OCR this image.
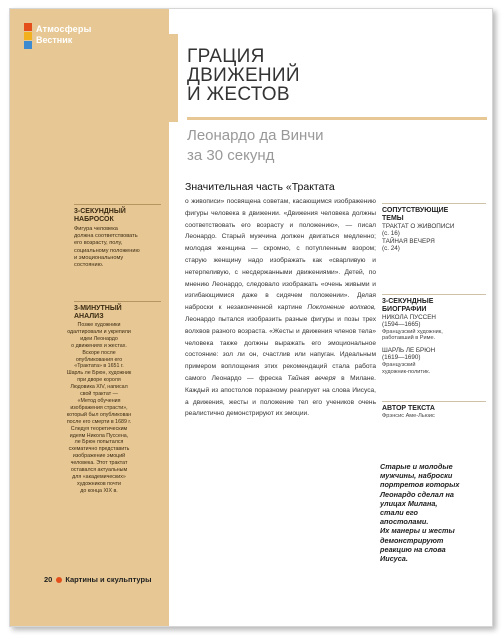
Атмосферы
Вестник
3-СЕКУНДНЫЙ
НАБРОСОК
Фигура человека
должна соответствовать
его возрасту, полу,
социальному положению
и эмоциональному
состоянию.
3-МИНУТНЫЙ
АНАЛИЗ
Позже художники
одалтировали и укрепили
идеи Леонардо
о движениях и жестах.
Вскоре после
опубликования его
«Трактата» в 1651 г.
Шарль ле Брюн, художник
при дворе короля
Людовика XIV, написал
свой трактат —
«Метод обучения
изображения страсти»,
который был опубликован
после его смерти в 1689 г.
Следуя теоретическим
идеям Никола Пуссена,
ле Брюн попытался
схематично представить
изображение эмоций
человека. Этот трактат
оставался актуальным
для «академических»
художников почти
до конца XIX в.
20 Картины и скульптуры
ГРАЦИЯ
ДВИЖЕНИЙ
И ЖЕСТОВ
Леонардо да Винчи
за 30 секунд
Значительная часть «Трактата

о живописи» посвящена советам, касающимся изображению фигуры человека в движении. «Движения человека должны соответствовать его возрасту и положению», — писал Леонардо. Старый мужчина должен двигаться медленно; молодая женщина — скромно, с потупленным взором; старую женщину надо изображать как «сварливую и нетерпеливую, с несдержанными движениями». Детей, по мнению Леонардо, следовало изображать «очень живыми и изгибающимися даже в сидячем положении». Делая наброски к незаконченной картине Поклонение волхвов, Леонардо пытался изобразить разные фигуры и позы трех волхвов разного возраста. «Жесты и движения членов тела» человека также должны выражать его эмоциональное состояние: зол ли он, счастлив или напуган. Идеальным примером воплощения этих рекомендаций стала работа самого Леонардо — фреска Тайная вечеря в Милане. Каждый из апостолов поразному реагирует на слова Иисуса, а движения, жесты и положение тел его учеников очень реалистично демонстрируют их эмоции.

СОПУТСТВУЮЩИЕ
ТЕМЫ
ТРАКТАТ О ЖИВОПИСИ
(с. 16)
ТАЙНАЯ ВЕЧЕРЯ
(с. 24)
3-СЕКУНДНЫЕ
БИОГРАФИИ
НИКОЛА ПУССЕН
(1594—1665)
Французский художник,
работавший в Риме.
ШАРЛЬ ЛЕ БРЮН
(1619—1690)
Французский
художник-политик.
АВТОР ТЕКСТА
Фрэнсис Аме-Льюис

Старые и молодые

мужчины, наброски

портретов которых

Леонардо сделал на

улицах Милана,

стали его

апостолами.

Их манеры и жесты

демонстрируют

реакцию на слова

Иисуса.
